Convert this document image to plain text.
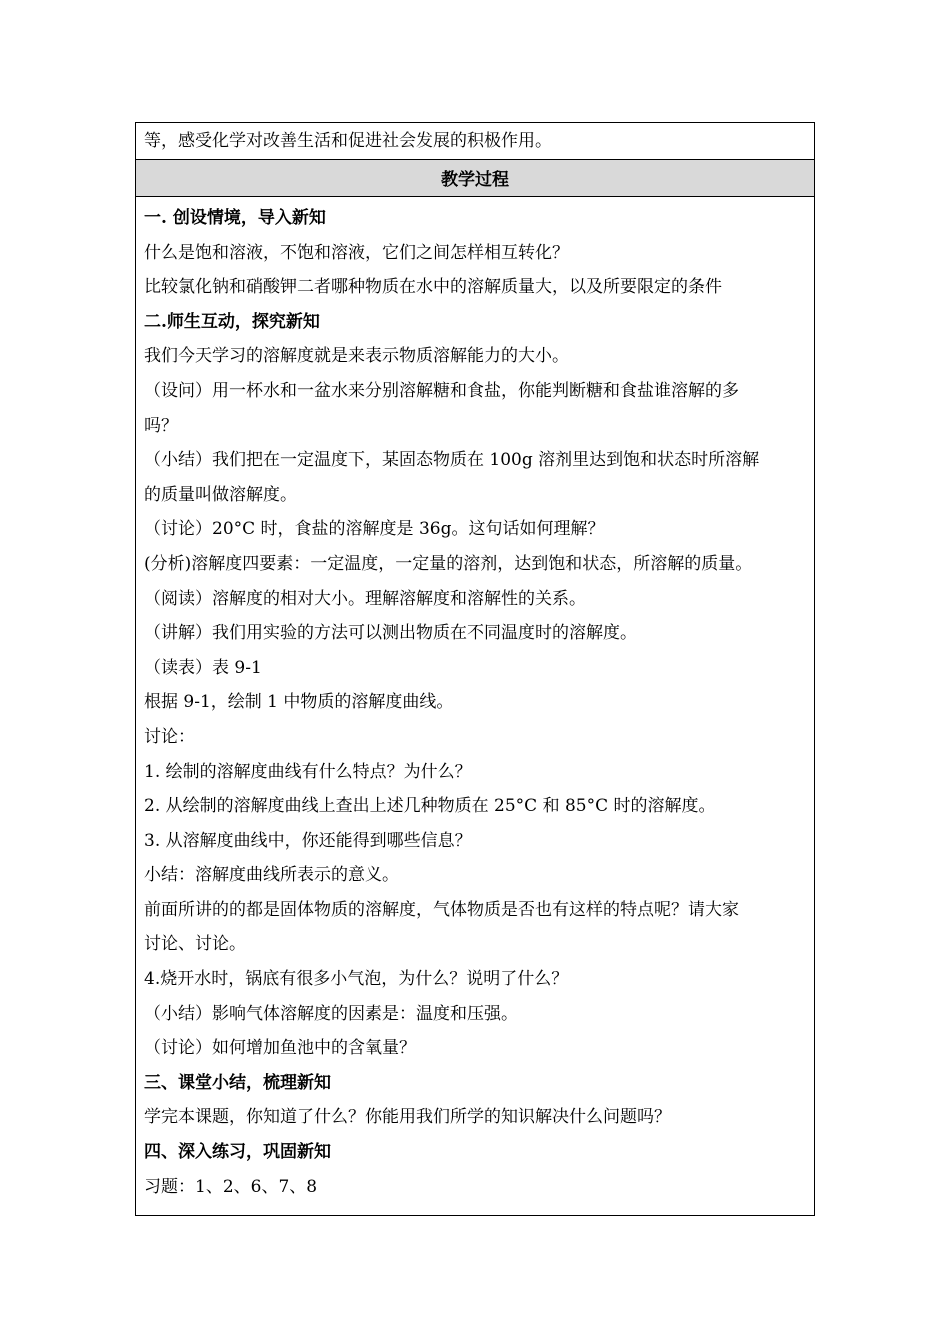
等，感受化学对改善生活和促进社会发展的积极作用。
教学过程
一. 创设情境，导入新知
什么是饱和溶液，不饱和溶液，它们之间怎样相互转化？
比较氯化钠和硝酸钾二者哪种物质在水中的溶解质量大，以及所要限定的条件
二.师生互动，探究新知
我们今天学习的溶解度就是来表示物质溶解能力的大小。
（设问）用一杯水和一盆水来分别溶解糖和食盐，你能判断糖和食盐谁溶解的多
吗？
（小结）我们把在一定温度下，某固态物质在 100g 溶剂里达到饱和状态时所溶解
的质量叫做溶解度。
（讨论）20°C 时，食盐的溶解度是 36g。这句话如何理解？
(分析)溶解度四要素：一定温度，一定量的溶剂，达到饱和状态，所溶解的质量。
（阅读）溶解度的相对大小。理解溶解度和溶解性的关系。
（讲解）我们用实验的方法可以测出物质在不同温度时的溶解度。
（读表）表 9-1
根据 9-1，绘制 1 中物质的溶解度曲线。
讨论：
1. 绘制的溶解度曲线有什么特点？为什么？
2. 从绘制的溶解度曲线上查出上述几种物质在 25°C 和 85°C 时的溶解度。
3. 从溶解度曲线中，你还能得到哪些信息？
小结：溶解度曲线所表示的意义。
前面所讲的的都是固体物质的溶解度，气体物质是否也有这样的特点呢？请大家
讨论、讨论。
4.烧开水时，锅底有很多小气泡，为什么？说明了什么？
（小结）影响气体溶解度的因素是：温度和压强。
（讨论）如何增加鱼池中的含氧量？
三、课堂小结，梳理新知
学完本课题，你知道了什么？你能用我们所学的知识解决什么问题吗？
四、深入练习，巩固新知
习题：1、2、6、7、8
